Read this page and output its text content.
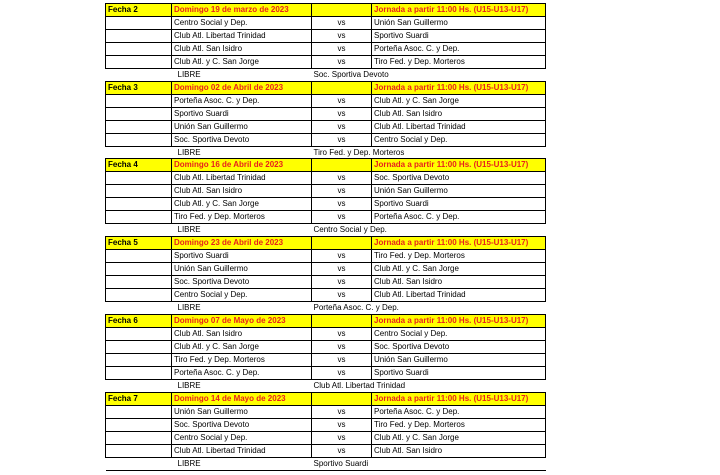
Fecha 2	Domingo 19 de marzo de 2023		Jornada a partir 11:00 Hs. (U15-U13-U17)
	Centro Social y Dep.	vs	Unión San Guillermo
	Club Atl. Libertad Trinidad	vs	Sportivo Suardi
	Club Atl. San Isidro	vs	Porteña Asoc. C. y Dep.
	Club Atl. y C. San Jorge	vs	Tiro Fed. y Dep. Morteros
LIBRE		Soc. Sportiva Devoto	
Fecha 3	Domingo 02 de Abril de 2023		Jornada a partir 11:00 Hs. (U15-U13-U17)
	Porteña Asoc. C. y Dep.	vs	Club Atl. y C. San Jorge
	Sportivo Suardi	vs	Club Atl. San Isidro
	Unión San Guillermo	vs	Club Atl. Libertad Trinidad
	Soc. Sportiva Devoto	vs	Centro Social y Dep.
LIBRE		Tiro Fed. y Dep. Morteros	
Fecha 4	Domingo 16 de Abril de 2023		Jornada a partir 11:00 Hs. (U15-U13-U17)
	Club Atl. Libertad Trinidad	vs	Soc. Sportiva Devoto
	Club Atl. San Isidro	vs	Unión San Guillermo
	Club Atl. y C. San Jorge	vs	Sportivo Suardi
	Tiro Fed. y Dep. Morteros	vs	Porteña Asoc. C. y Dep.
LIBRE		Centro Social y Dep.	
Fecha 5	Domingo 23 de Abril de 2023		Jornada a partir 11:00 Hs. (U15-U13-U17)
	Sportivo Suardi	vs	Tiro Fed. y Dep. Morteros
	Unión San Guillermo	vs	Club Atl. y C. San Jorge
	Soc. Sportiva Devoto	vs	Club Atl. San Isidro
	Centro Social y Dep.	vs	Club Atl. Libertad Trinidad
LIBRE		Porteña Asoc. C. y Dep.	
Fecha 6	Domingo 07 de Mayo de 2023		Jornada a partir 11:00 Hs. (U15-U13-U17)
	Club Atl. San Isidro	vs	Centro Social y Dep.
	Club Atl. y C. San Jorge	vs	Soc. Sportiva Devoto
	Tiro Fed. y Dep. Morteros	vs	Unión San Guillermo
	Porteña Asoc. C. y Dep.	vs	Sportivo Suardi
LIBRE		Club Atl. Libertad Trinidad	
Fecha 7	Domingo 14 de Mayo de 2023		Jornada a partir 11:00 Hs. (U15-U13-U17)
	Unión San Guillermo	vs	Porteña Asoc. C. y Dep.
	Soc. Sportiva Devoto	vs	Tiro Fed. y Dep. Morteros
	Centro Social y Dep.	vs	Club Atl. y C. San Jorge
	Club Atl. Libertad Trinidad	vs	Club Atl. San Isidro
LIBRE		Sportivo Suardi	
